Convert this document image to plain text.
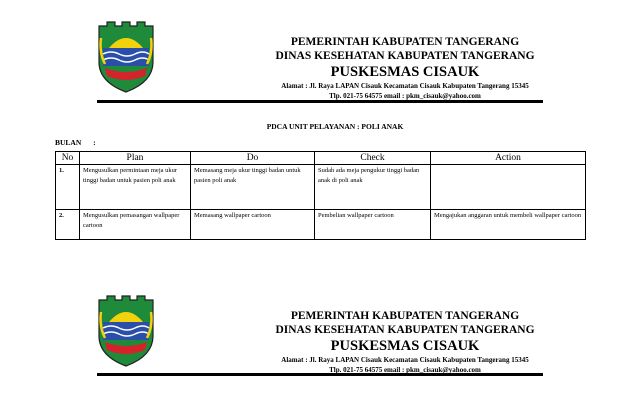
PEMERINTAH KABUPATEN TANGERANG
DINAS KESEHATAN KABUPATEN TANGERANG
PUSKESMAS CISAUK
Alamat : Jl. Raya LAPAN Cisauk Kecamatan Cisauk Kabupaten Tangerang 15345
Tlp. 021-75 64575 email : pkm_cisauk@yahoo.com
PDCA UNIT PELAYANAN : POLI ANAK
BULAN :
No	Plan	Do	Check	Action
1.	Mengusulkan permintaan meja ukur tinggi badan untuk pasien poli anak	Memasang meja ukur tinggi badan untuk pasien poli anak	Sudah ada meja pengukur tinggi badan anak di poli anak	
2.	Mengusulkan pemasangan wallpaper cartoon	Memasang wallpaper cartoon	Pembelian wallpaper cartoon	Mengajukan anggaran untuk membeli wallpaper cartoon
PEMERINTAH KABUPATEN TANGERANG
DINAS KESEHATAN KABUPATEN TANGERANG
PUSKESMAS CISAUK
Alamat : Jl. Raya LAPAN Cisauk Kecamatan Cisauk Kabupaten Tangerang 15345
Tlp. 021-75 64575 email : pkm_cisauk@yahoo.com
